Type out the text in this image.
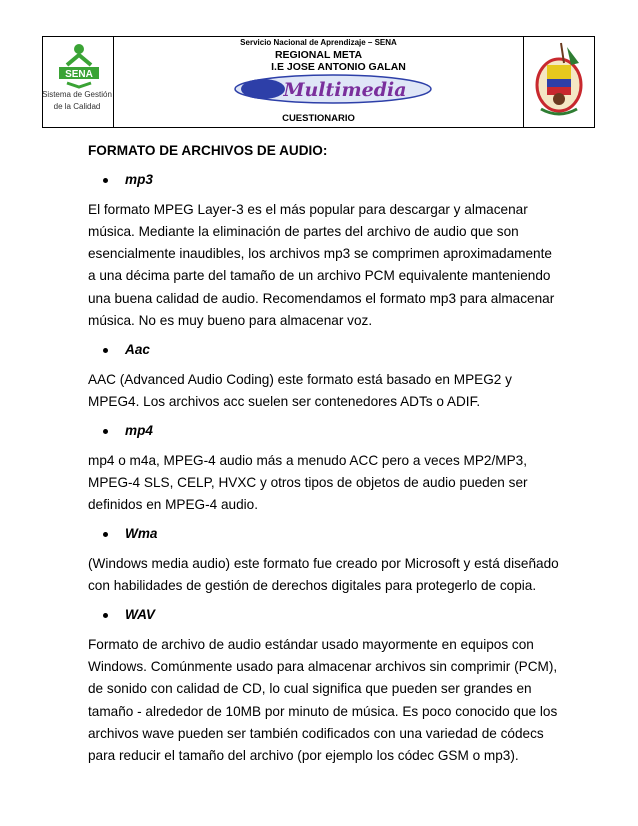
SENA
Sistema de Gestión
de la Calidad
Servicio Nacional de Aprendizaje – SENA
REGIONAL META
I.E JOSE ANTONIO GALAN
Multimedia
CUESTIONARIO
FORMATO DE ARCHIVOS DE AUDIO:
mp3
El formato MPEG Layer-3 es el más popular para descargar y almacenar música. Mediante la eliminación de partes del archivo de audio que son esencialmente inaudibles, los archivos mp3 se comprimen aproximadamente a una décima parte del tamaño de un archivo PCM equivalente manteniendo una buena calidad de audio. Recomendamos el formato mp3 para almacenar música. No es muy bueno para almacenar voz.
Aac
AAC (Advanced Audio Coding) este formato está basado en MPEG2 y MPEG4. Los archivos acc suelen ser contenedores ADTs o ADIF.
mp4
mp4 o m4a, MPEG-4 audio más a menudo ACC pero a veces MP2/MP3, MPEG-4 SLS, CELP, HVXC y otros tipos de objetos de audio pueden ser definidos en MPEG-4 audio.
Wma
(Windows media audio) este formato fue creado por Microsoft y está diseñado con habilidades de gestión de derechos digitales para protegerlo de copia.
WAV
Formato de archivo de audio estándar usado mayormente en equipos con Windows. Comúnmente usado para almacenar archivos sin comprimir (PCM), de sonido con calidad de CD, lo cual significa que pueden ser grandes en tamaño - alrededor de 10MB por minuto de música. Es poco conocido que los archivos wave pueden ser también codificados con una variedad de códecs para reducir el tamaño del archivo (por ejemplo los códec GSM o mp3).
